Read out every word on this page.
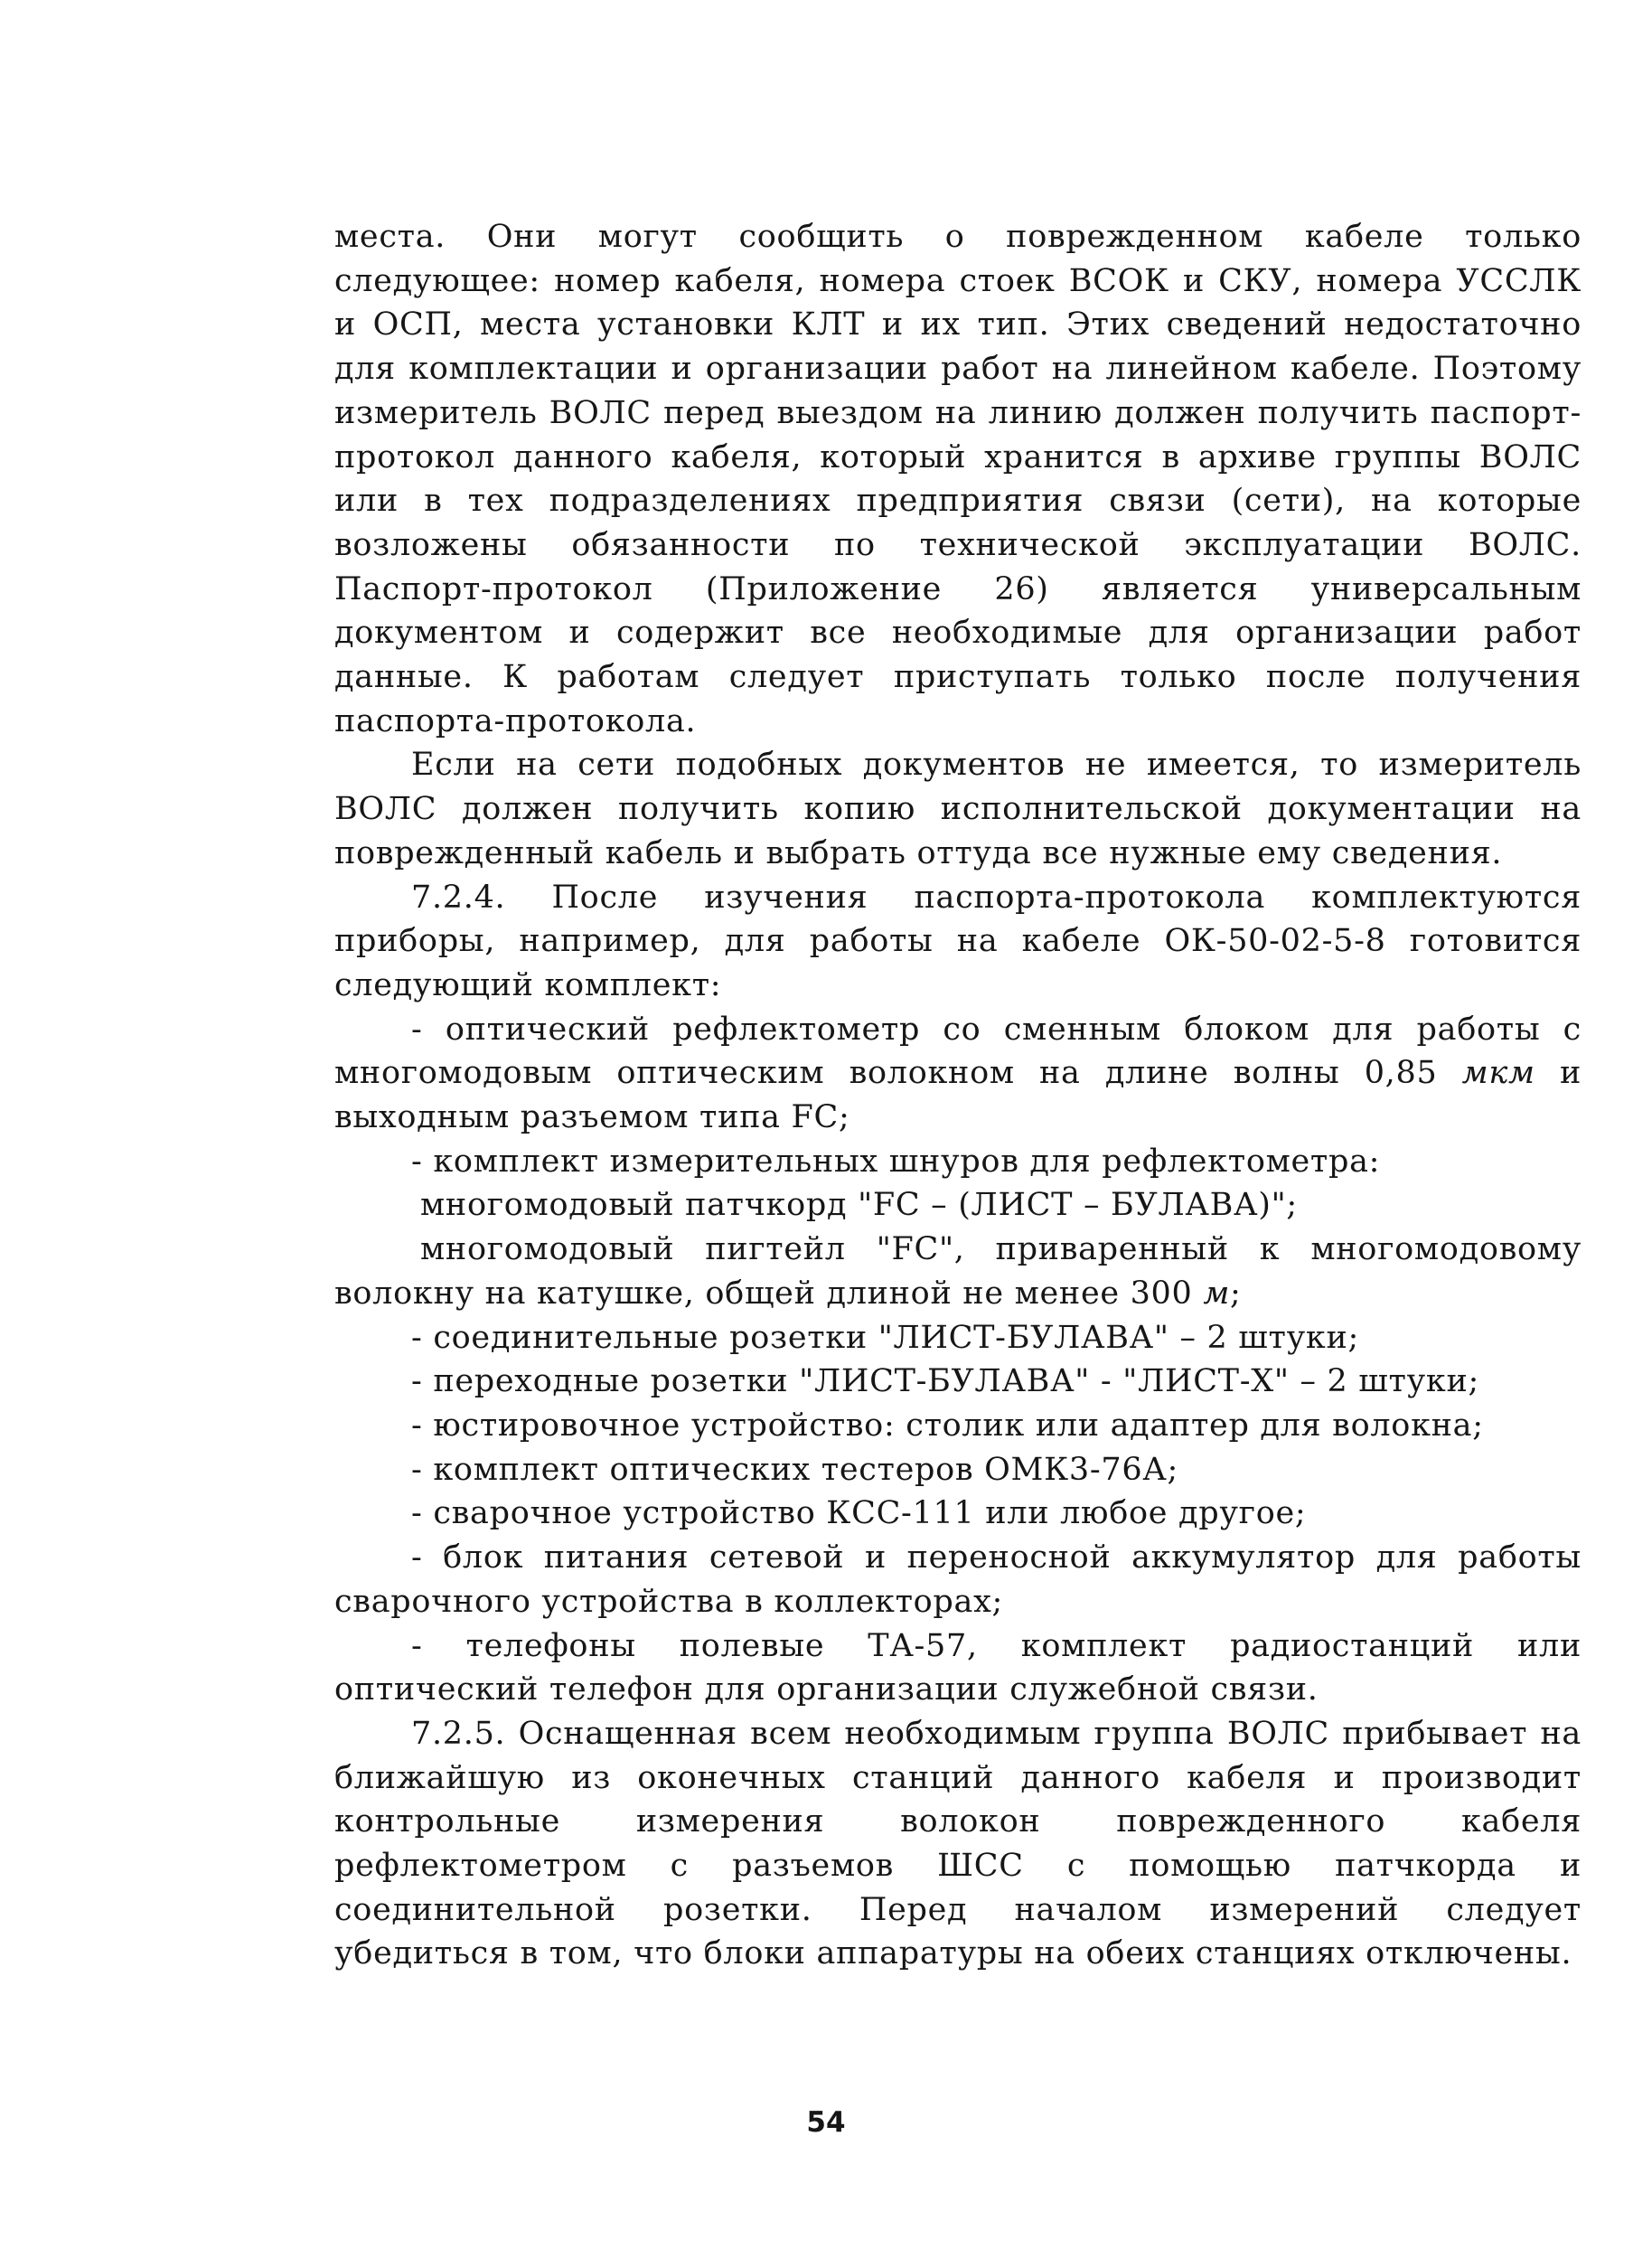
места. Они могут сообщить о поврежденном кабеле только следующее: номер кабеля, номера стоек ВСОК и СКУ, номера УССЛК и ОСП, места установки КЛТ и их тип. Этих сведений недостаточно для комплектации и организации работ на линейном кабеле. Поэтому измеритель ВОЛС перед выездом на линию должен получить паспорт-протокол данного кабеля, который хранится в архиве группы ВОЛС или в тех подразделениях предприятия связи (сети), на которые возложены обязанности по технической эксплуатации ВОЛС. Паспорт-протокол (Приложение 26) является универсальным документом и содержит все необходимые для организации работ данные. К работам следует приступать только после получения паспорта-протокола.

Если на сети подобных документов не имеется, то измеритель ВОЛС должен получить копию исполнительской документации на поврежденный кабель и выбрать оттуда все нужные ему сведения.

7.2.4. После изучения паспорта-протокола комплектуются приборы, например, для работы на кабеле ОК-50-02-5-8 готовится следующий комплект:

- оптический рефлектометр со сменным блоком для работы с многомодовым оптическим волокном на длине волны 0,85 мкм и выходным разъемом типа FC;

- комплект измерительных шнуров для рефлектометра:

многомодовый патчкорд "FC – (ЛИСТ – БУЛАВА)";

многомодовый пигтейл "FC", приваренный к многомодовому волокну на катушке, общей длиной не менее 300 м;

- соединительные розетки "ЛИСТ-БУЛАВА" – 2 штуки;

- переходные розетки "ЛИСТ-БУЛАВА" - "ЛИСТ-Х" – 2 штуки;

- юстировочное устройство: столик или адаптер для волокна;

- комплект оптических тестеров ОМК3-76А;

- сварочное устройство КСС-111 или любое другое;

- блок питания сетевой и переносной аккумулятор для работы сварочного устройства в коллекторах;

- телефоны полевые ТА-57, комплект радиостанций или оптический телефон для организации служебной связи.

7.2.5. Оснащенная всем необходимым группа ВОЛС прибывает на ближайшую из оконечных станций данного кабеля и производит контрольные измерения волокон поврежденного кабеля рефлектометром с разъемов ШСС с помощью патчкорда и соединительной розетки. Перед началом измерений следует убедиться в том, что блоки аппаратуры на обеих станциях отключены.

54
